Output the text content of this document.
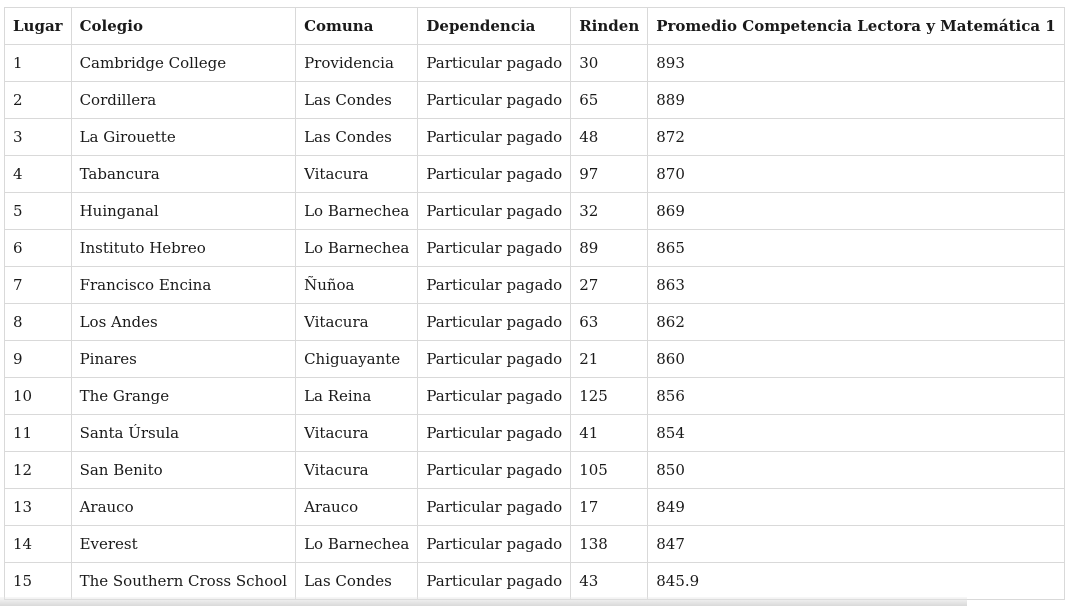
Lugar	Colegio	Comuna	Dependencia	Rinden	Promedio Competencia Lectora y Matemática 1
1	Cambridge College	Providencia	Particular pagado	30	893
2	Cordillera	Las Condes	Particular pagado	65	889
3	La Girouette	Las Condes	Particular pagado	48	872
4	Tabancura	Vitacura	Particular pagado	97	870
5	Huinganal	Lo Barnechea	Particular pagado	32	869
6	Instituto Hebreo	Lo Barnechea	Particular pagado	89	865
7	Francisco Encina	Ñuñoa	Particular pagado	27	863
8	Los Andes	Vitacura	Particular pagado	63	862
9	Pinares	Chiguayante	Particular pagado	21	860
10	The Grange	La Reina	Particular pagado	125	856
11	Santa Úrsula	Vitacura	Particular pagado	41	854
12	San Benito	Vitacura	Particular pagado	105	850
13	Arauco	Arauco	Particular pagado	17	849
14	Everest	Lo Barnechea	Particular pagado	138	847
15	The Southern Cross School	Las Condes	Particular pagado	43	845.9
